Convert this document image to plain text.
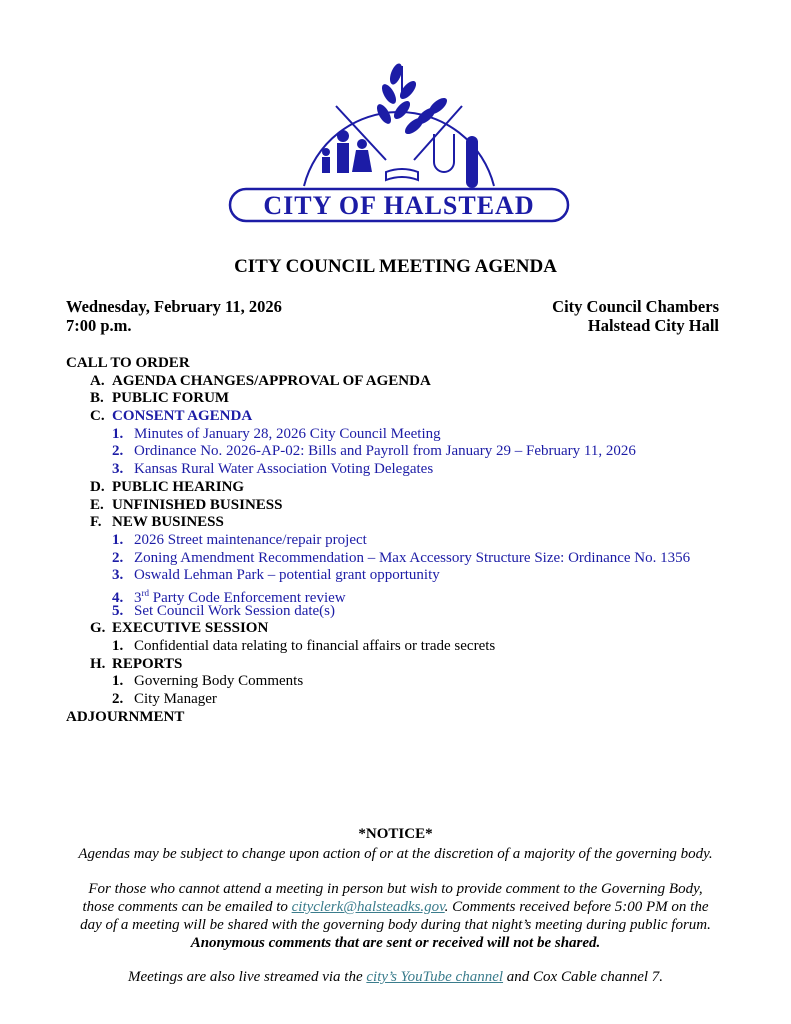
CITY OF HALSTEAD
CITY COUNCIL MEETING AGENDA
Wednesday, February 11, 2026
7:00 p.m.
City Council Chambers
Halstead City Hall
CALL TO ORDER
A. AGENDA CHANGES/APPROVAL OF AGENDA
B. PUBLIC FORUM
C. CONSENT AGENDA
1. Minutes of January 28, 2026 City Council Meeting
2. Ordinance No. 2026-AP-02: Bills and Payroll from January 29 – February 11, 2026
3. Kansas Rural Water Association Voting Delegates
D. PUBLIC HEARING
E. UNFINISHED BUSINESS
F. NEW BUSINESS
1. 2026 Street maintenance/repair project
2. Zoning Amendment Recommendation – Max Accessory Structure Size: Ordinance No. 1356
3. Oswald Lehman Park – potential grant opportunity
4. 3rd Party Code Enforcement review
5. Set Council Work Session date(s)
G. EXECUTIVE SESSION
1. Confidential data relating to financial affairs or trade secrets
H. REPORTS
1. Governing Body Comments
2. City Manager
ADJOURNMENT
*NOTICE*
Agendas may be subject to change upon action of or at the discretion of a majority of the governing body.
For those who cannot attend a meeting in person but wish to provide comment to the Governing Body,
those comments can be emailed to cityclerk@halsteadks.gov. Comments received before 5:00 PM on the
day of a meeting will be shared with the governing body during that night’s meeting during public forum.
Anonymous comments that are sent or received will not be shared.
Meetings are also live streamed via the city’s YouTube channel and Cox Cable channel 7.
